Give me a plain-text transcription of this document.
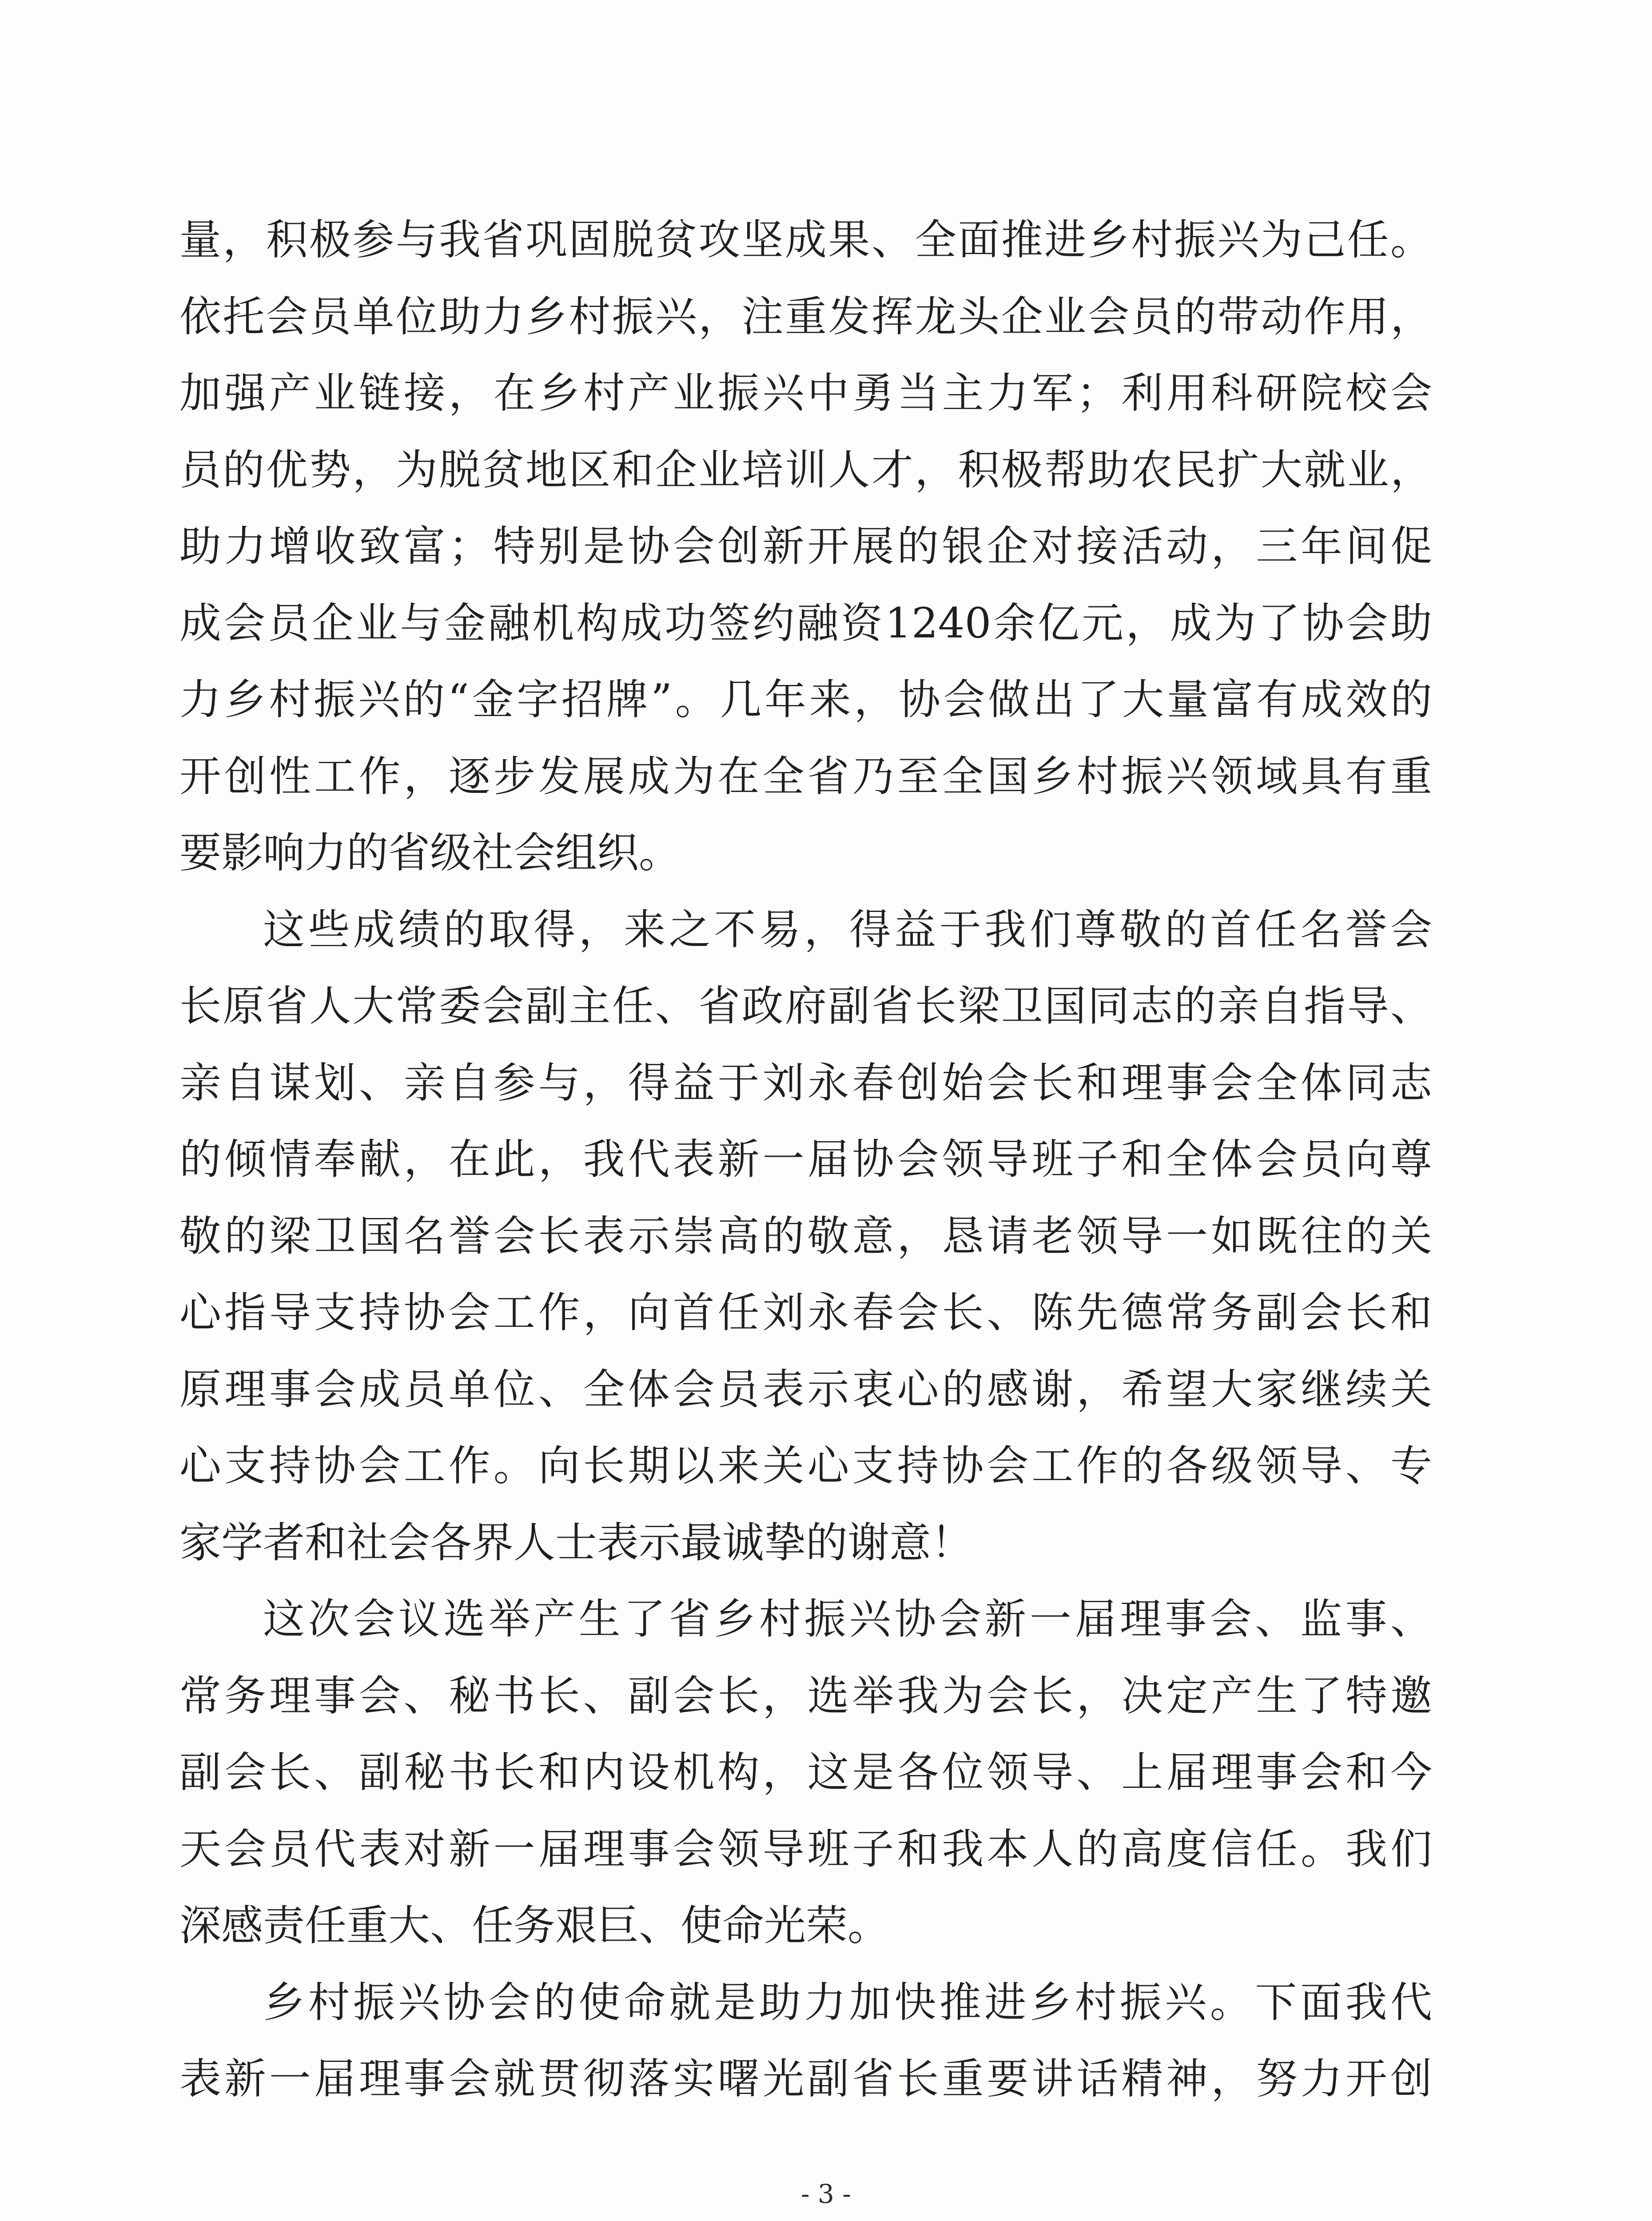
量，积极参与我省巩固脱贫攻坚成果、全面推进乡村振兴为己任。
依托会员单位助力乡村振兴，注重发挥龙头企业会员的带动作用，
加强产业链接，在乡村产业振兴中勇当主力军；利用科研院校会
员的优势，为脱贫地区和企业培训人才，积极帮助农民扩大就业，
助力增收致富；特别是协会创新开展的银企对接活动，三年间促
成会员企业与金融机构成功签约融资1240余亿元，成为了协会助
力乡村振兴的“金字招牌”。几年来，协会做出了大量富有成效的
开创性工作，逐步发展成为在全省乃至全国乡村振兴领域具有重
要影响力的省级社会组织。
这些成绩的取得，来之不易，得益于我们尊敬的首任名誉会
长原省人大常委会副主任、省政府副省长梁卫国同志的亲自指导、
亲自谋划、亲自参与，得益于刘永春创始会长和理事会全体同志
的倾情奉献，在此，我代表新一届协会领导班子和全体会员向尊
敬的梁卫国名誉会长表示崇高的敬意，恳请老领导一如既往的关
心指导支持协会工作，向首任刘永春会长、陈先德常务副会长和
原理事会成员单位、全体会员表示衷心的感谢，希望大家继续关
心支持协会工作。向长期以来关心支持协会工作的各级领导、专
家学者和社会各界人士表示最诚挚的谢意！
这次会议选举产生了省乡村振兴协会新一届理事会、监事、
常务理事会、秘书长、副会长，选举我为会长，决定产生了特邀
副会长、副秘书长和内设机构，这是各位领导、上届理事会和今
天会员代表对新一届理事会领导班子和我本人的高度信任。我们
深感责任重大、任务艰巨、使命光荣。
乡村振兴协会的使命就是助力加快推进乡村振兴。下面我代
表新一届理事会就贯彻落实曙光副省长重要讲话精神，努力开创
- 3 -
